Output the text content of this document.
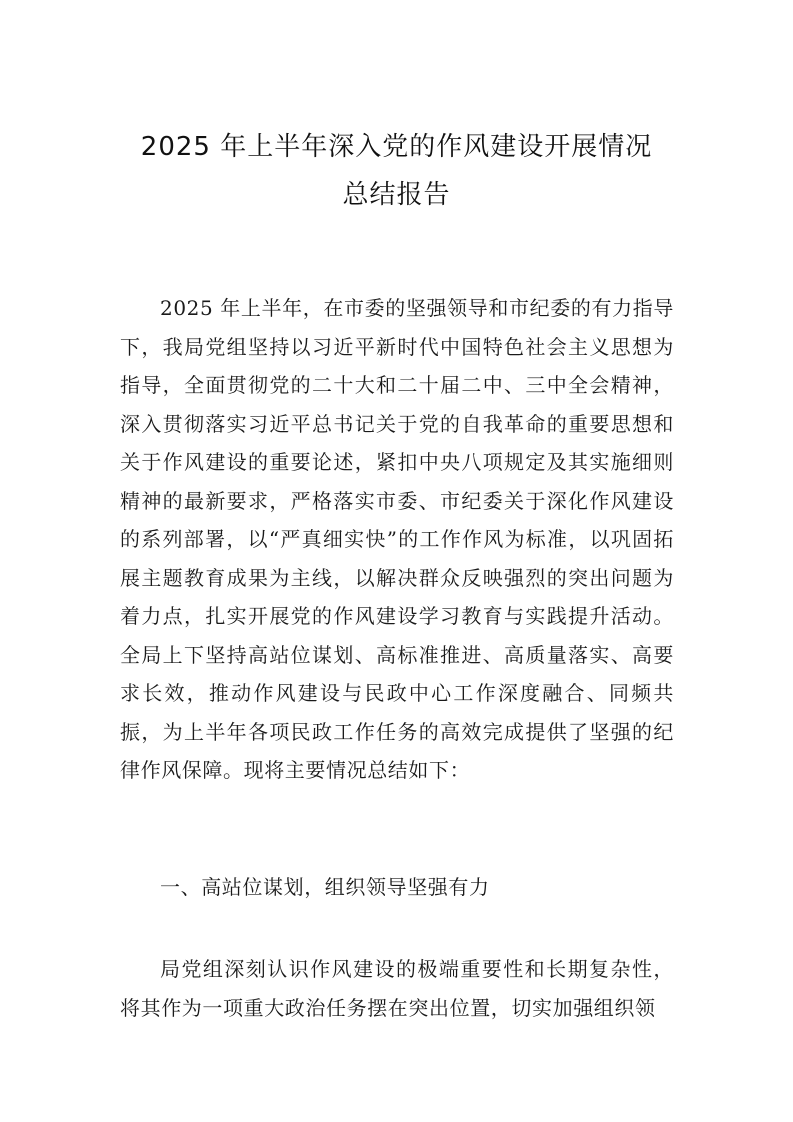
2025 年上半年深入党的作风建设开展情况
总结报告

2025 年上半年，在市委的坚强领导和市纪委的有力指导下，我局党组坚持以习近平新时代中国特色社会主义思想为指导，全面贯彻党的二十大和二十届二中、三中全会精神，深入贯彻落实习近平总书记关于党的自我革命的重要思想和关于作风建设的重要论述，紧扣中央八项规定及其实施细则精神的最新要求，严格落实市委、市纪委关于深化作风建设的系列部署，以“严真细实快”的工作作风为标准，以巩固拓展主题教育成果为主线，以解决群众反映强烈的突出问题为着力点，扎实开展党的作风建设学习教育与实践提升活动。全局上下坚持高站位谋划、高标准推进、高质量落实、高要求长效，推动作风建设与民政中心工作深度融合、同频共振，为上半年各项民政工作任务的高效完成提供了坚强的纪律作风保障。现将主要情况总结如下：

一、高站位谋划，组织领导坚强有力

局党组深刻认识作风建设的极端重要性和长期复杂性，将其作为一项重大政治任务摆在突出位置，切实加强组织领
